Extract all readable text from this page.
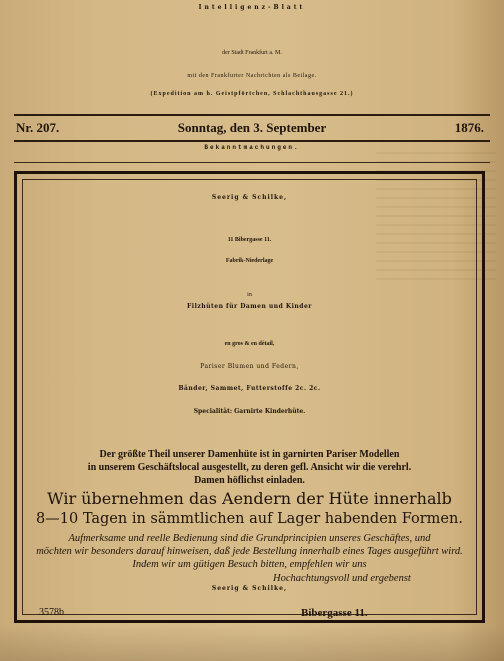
Intelligenz-Blatt
der Stadt Frankfurt a. M.
mit den Frankfurter Nachrichten als Beilage.
(Expedition am h. Geistpförtchen, Schlachthausgasse 21.)
Nr. 207.	Sonntag, den 3. September	1876.
Bekanntmachungen.
Seerig & Schilke,
11 Bibergasse 11.
Fabrik-Niederlage
in
Filzhüten für Damen und Kinder
en gros & en détail,
Pariser Blumen und Federn,
Bänder, Sammet, Futterstoffe 2c. 2c.
Specialität: Garnirte Kinderhüte.
Der größte Theil unserer Damenhüte ist in garnirten Pariser Modellen
in unserem Geschäftslocal ausgestellt, zu deren gefl. Ansicht wir die verehrl.
Damen höflichst einladen.
Wir übernehmen das Aendern der Hüte innerhalb
8—10 Tagen in sämmtlichen auf Lager habenden Formen.
Aufmerksame und reelle Bedienung sind die Grundprincipien unseres Geschäftes, und
möchten wir besonders darauf hinweisen, daß jede Bestellung innerhalb eines Tages ausgeführt wird.
Indem wir um gütigen Besuch bitten, empfehlen wir uns
Hochachtungsvoll und ergebenst
Seerig & Schilke,
Bibergasse 11.
3578b
